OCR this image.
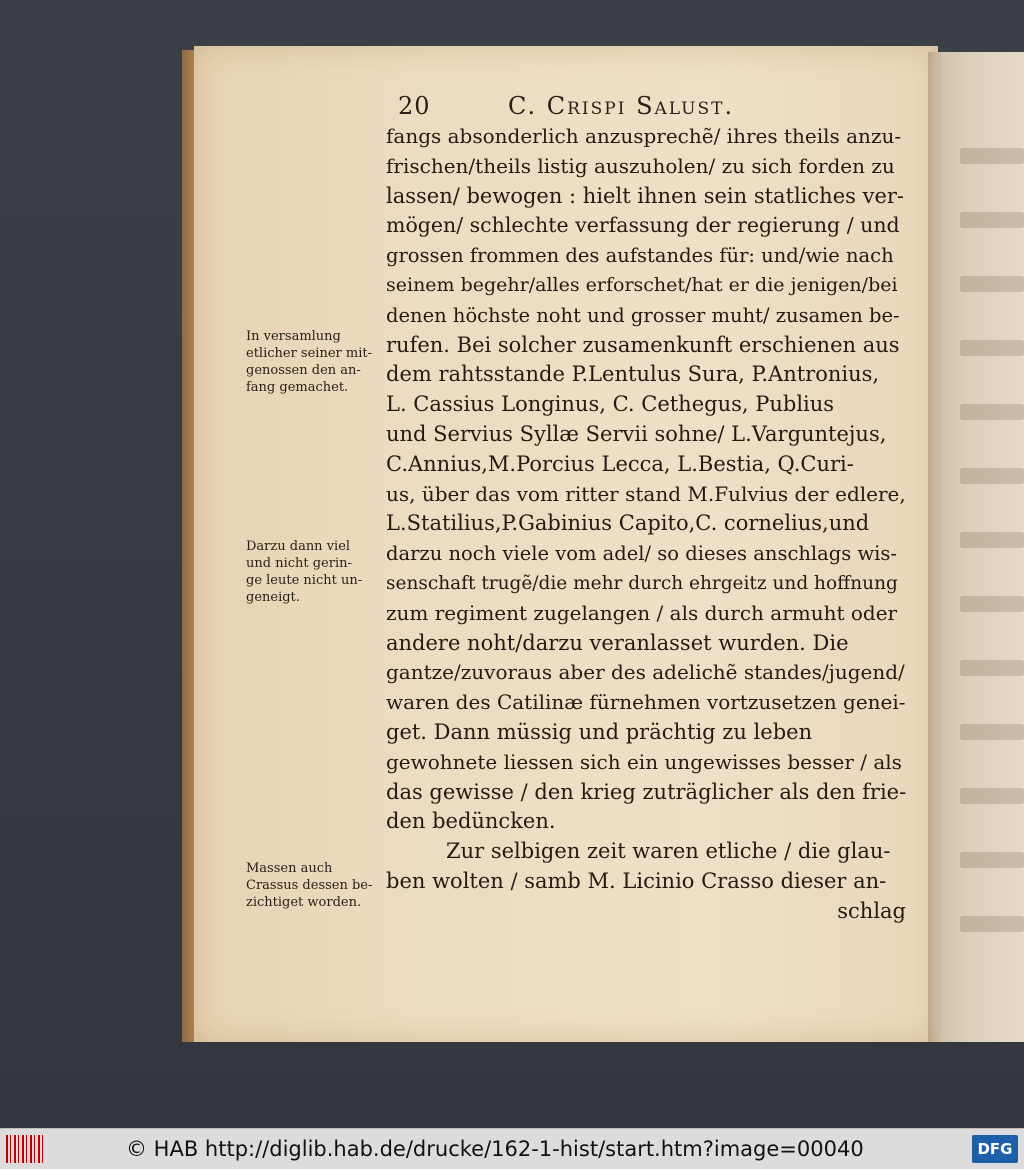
20	C. Crispi Salust.
fangs absonderlich anzusprechẽ/ ihres theils anzu-
frischen/theils listig auszuholen/ zu sich forden zu
lassen/ bewogen : hielt ihnen sein statliches ver-
mögen/ schlechte verfassung der regierung / und
grossen frommen des aufstandes für: und/wie nach
seinem begehr/alles erforschet/hat er die jenigen/bei
denen höchste noht und grosser muht/ zusamen be-
rufen. Bei solcher zusamenkunft erschienen aus
dem rahtsstande P.Lentulus Sura, P.Antronius,
L. Cassius Longinus, C. Cethegus, Publius
und Servius Syllæ Servii sohne/ L.Varguntejus,
C.Annius,M.Porcius Lecca, L.Bestia, Q.Curi-
us, über das vom ritter stand M.Fulvius der edlere,
L.Statilius,P.Gabinius Capito,C. cornelius,und
darzu noch viele vom adel/ so dieses anschlags wis-
senschaft trugẽ/die mehr durch ehrgeitz und hoffnung
zum regiment zugelangen / als durch armuht oder
andere noht/darzu veranlasset wurden. Die
gantze/zuvoraus aber des adelichẽ standes/jugend/
waren des Catilinæ fürnehmen vortzusetzen genei-
get. Dann müssig und prächtig zu leben
gewohnete liessen sich ein ungewisses besser / als
das gewisse / den krieg zuträglicher als den frie-
den bedüncken.
Zur selbigen zeit waren etliche / die glau-
ben wolten / samb M. Licinio Crasso dieser an-
schlag
In versamlung
etlicher seiner mit-
genossen den an-
fang gemachet.
Darzu dann viel
und nicht gerin-
ge leute nicht un-
geneigt.
Massen auch
Crassus dessen be-
zichtiget worden.
© HAB http://diglib.hab.de/drucke/162-1-hist/start.htm?image=00040	DFG
